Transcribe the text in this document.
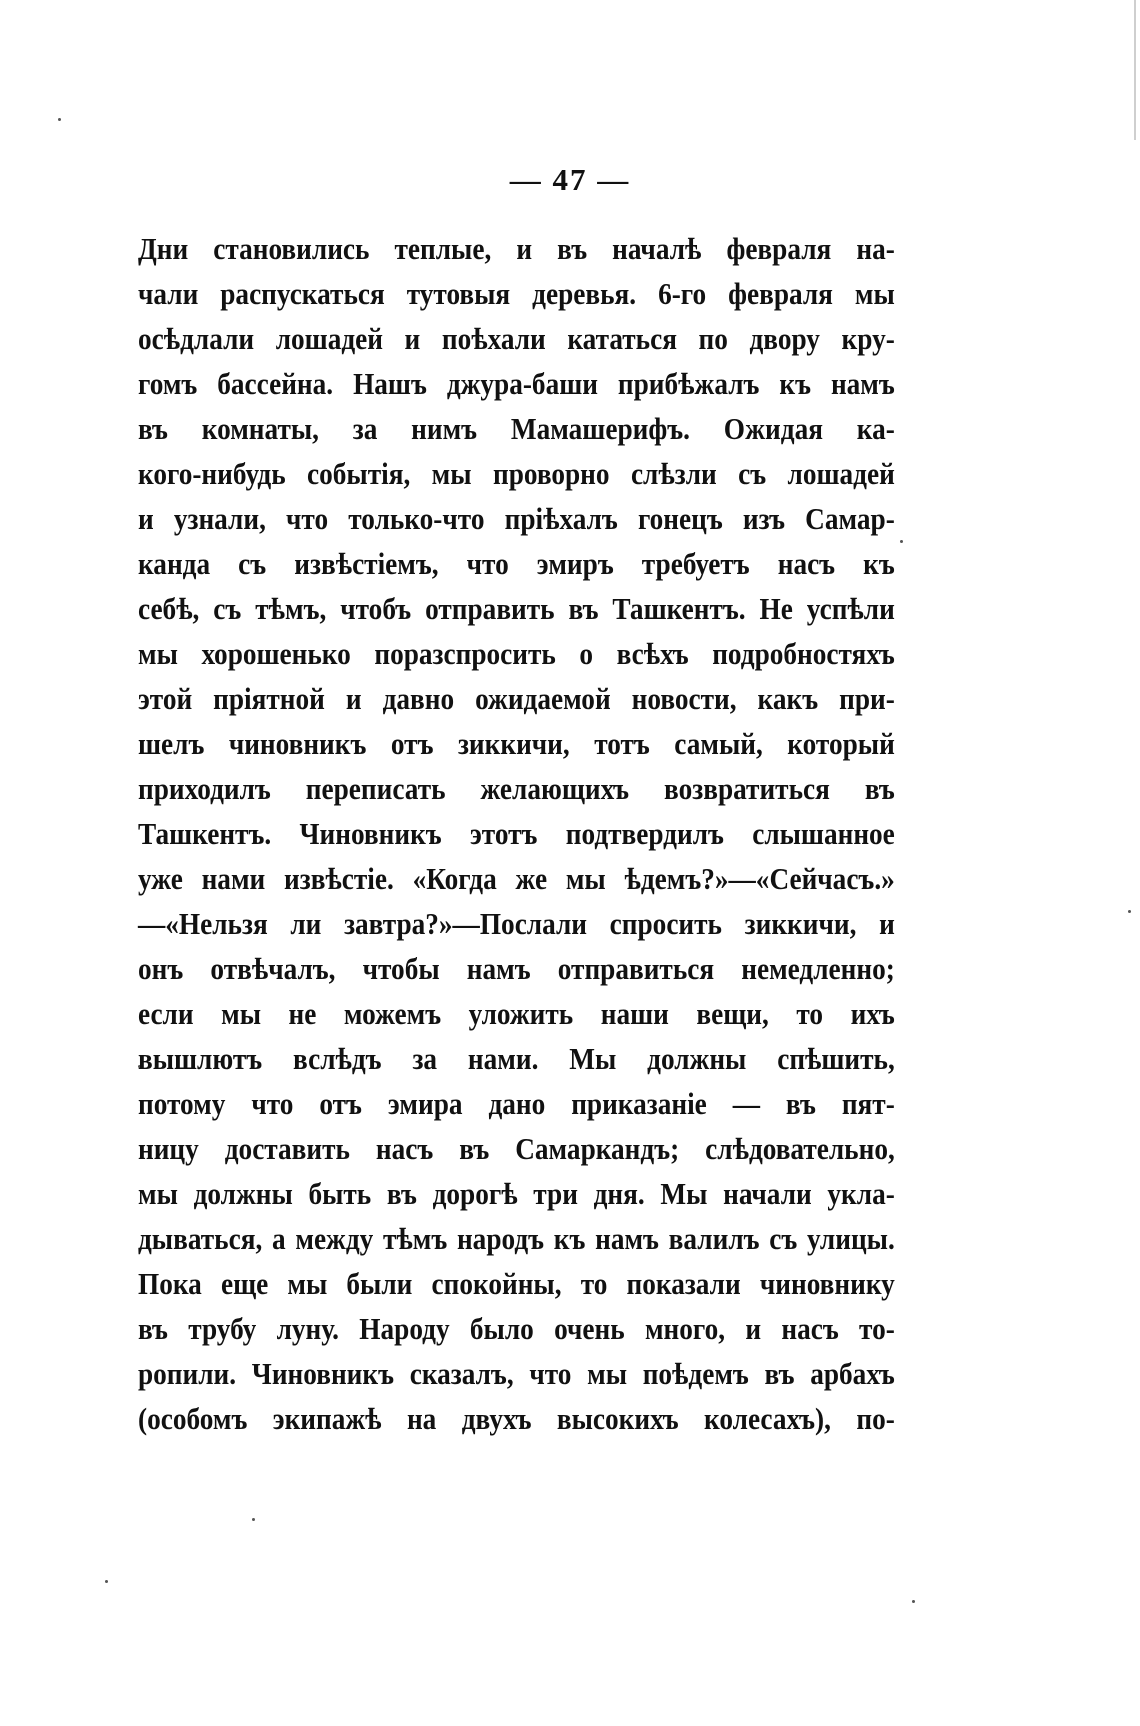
— 47 —
Дни становились теплые, и въ началѣ февраля на-
чали распускаться тутовыя деревья. 6-го февраля мы
осѣдлали лошадей и поѣхали кататься по двору кру-
гомъ бассейна. Нашъ джура-баши прибѣжалъ къ намъ
въ комнаты, за нимъ Мамашерифъ. Ожидая ка-
кого-нибудь событія, мы проворно слѣзли съ лошадей
и узнали, что только-что пріѣхалъ гонецъ изъ Самар-
канда съ извѣстіемъ, что эмиръ требуетъ насъ къ
себѣ, съ тѣмъ, чтобъ отправить въ Ташкентъ. Не успѣли
мы хорошенько поразспросить о всѣхъ подробностяхъ
этой пріятной и давно ожидаемой новости, какъ при-
шелъ чиновникъ отъ зиккичи, тотъ самый, который
приходилъ переписать желающихъ возвратиться въ
Ташкентъ. Чиновникъ этотъ подтвердилъ слышанное
уже нами извѣстіе. «Когда же мы ѣдемъ?»—«Сейчасъ.»
—«Нельзя ли завтра?»—Послали спросить зиккичи, и
онъ отвѣчалъ, чтобы намъ отправиться немедленно;
если мы не можемъ уложить наши вещи, то ихъ
вышлютъ вслѣдъ за нами. Мы должны спѣшить,
потому что отъ эмира дано приказаніе — въ пят-
ницу доставить насъ въ Самаркандъ; слѣдовательно,
мы должны быть въ дорогѣ три дня. Мы начали укла-
дываться, а между тѣмъ народъ къ намъ валилъ съ улицы.
Пока еще мы были спокойны, то показали чиновнику
въ трубу луну. Народу было очень много, и насъ то-
ропили. Чиновникъ сказалъ, что мы поѣдемъ въ арбахъ
(особомъ экипажѣ на двухъ высокихъ колесахъ), по-
